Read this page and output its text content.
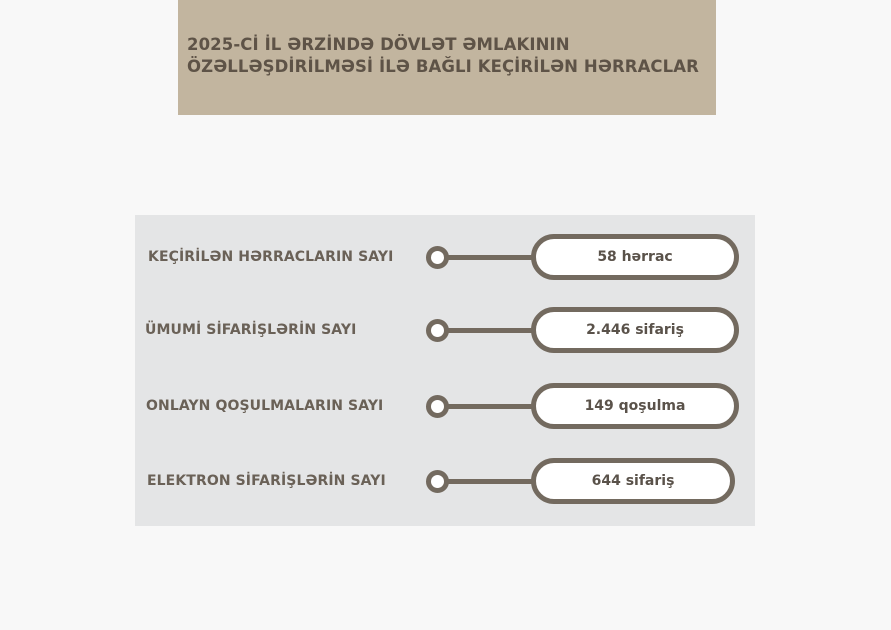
2025-Cİ İL ƏRZİNDƏ DÖVLƏT ƏMLAKININ
ÖZƏLLƏŞDİRİLMƏSİ İLƏ BAĞLI KEÇİRİLƏN HƏRRACLAR
KEÇİRİLƏN HƏRRACLARIN SAYI	58 hərrac
ÜMUMİ SİFARİŞLƏRİN SAYI	2.446 sifariş
ONLAYN QOŞULMALARIN SAYI	149 qoşulma
ELEKTRON SİFARİŞLƏRİN SAYI	644 sifariş
